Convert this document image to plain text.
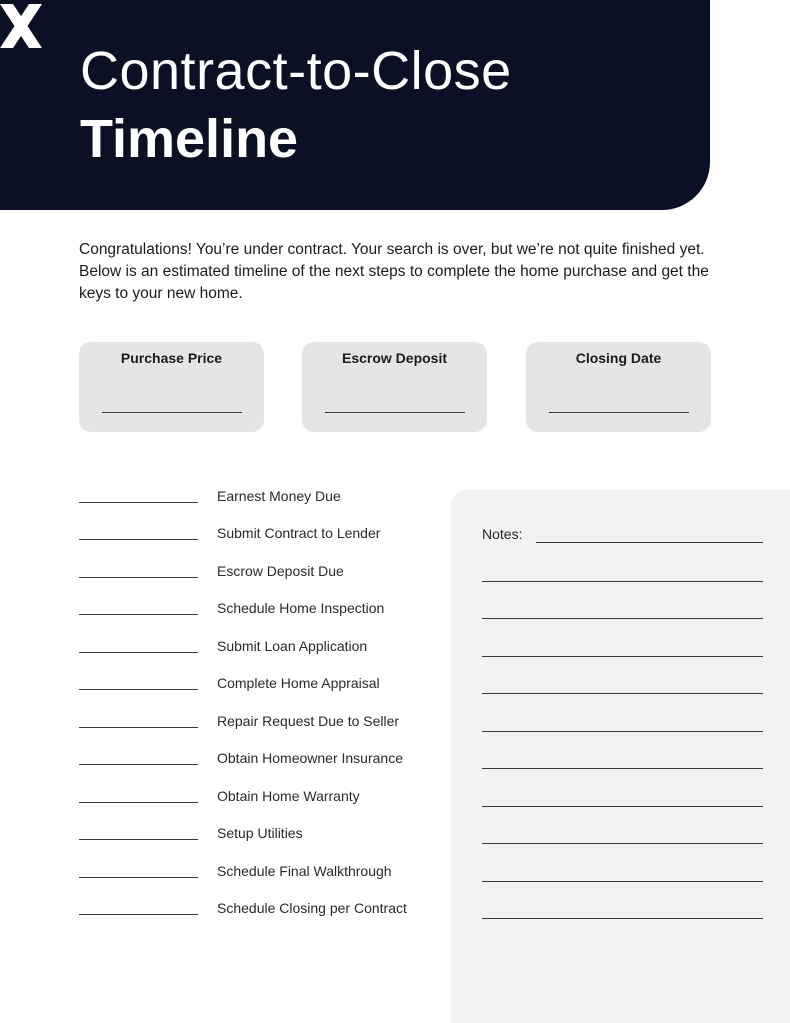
Contract-to-Close
Timeline
Congratulations! You’re under contract. Your search is over, but we’re not quite finished yet. Below is an estimated timeline of the next steps to complete the home purchase and get the keys to your new home.
Purchase Price	Escrow Deposit	Closing Date
Earnest Money Due
Submit Contract to Lender
Escrow Deposit Due
Schedule Home Inspection
Submit Loan Application
Complete Home Appraisal
Repair Request Due to Seller
Obtain Homeowner Insurance
Obtain Home Warranty
Setup Utilities
Schedule Final Walkthrough
Schedule Closing per Contract
Notes:
